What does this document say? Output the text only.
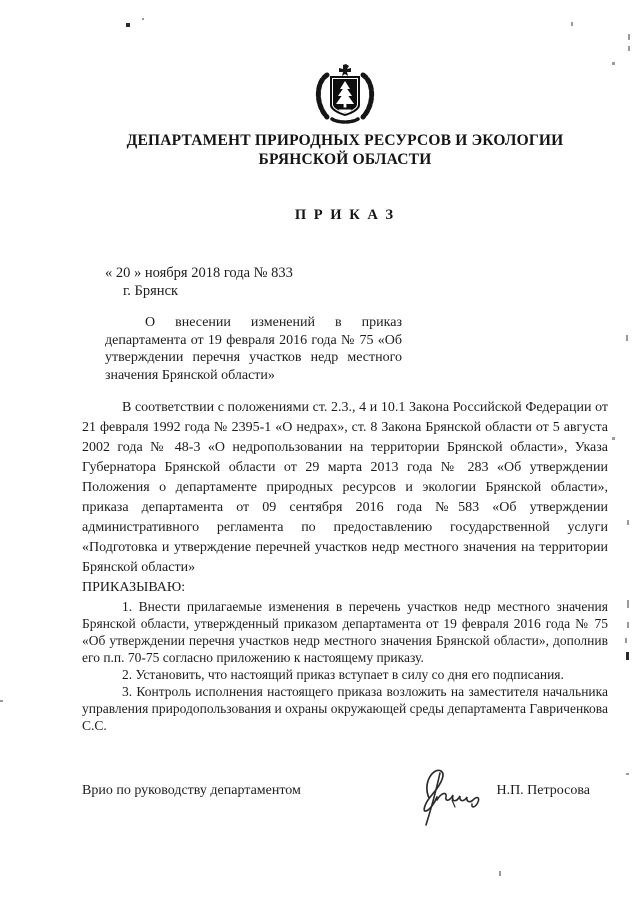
ДЕПАРТАМЕНТ ПРИРОДНЫХ РЕСУРСОВ И ЭКОЛОГИИ
БРЯНСКОЙ ОБЛАСТИ
П Р И К А З
« 20 » ноября 2018 года № 833
г. Брянск
О внесении изменений в приказ департамента от 19 февраля 2016 года № 75 «Об утверждении перечня участков недр местного значения Брянской области»
В соответствии с положениями ст. 2.3., 4 и 10.1 Закона Российской Федерации от 21 февраля 1992 года № 2395-1 «О недрах», ст. 8 Закона Брянской области от 5 августа 2002 года № 48-3 «О недропользовании на территории Брянской области», Указа Губернатора Брянской области от 29 марта 2013 года № 283 «Об утверждении Положения о департаменте природных ресурсов и экологии Брянской области», приказа департамента от 09 сентября 2016 года №583 «Об утверждении административного регламента по предоставлению государственной услуги «Подготовка и утверждение перечней участков недр местного значения на территории Брянской области»
ПРИКАЗЫВАЮ:

1. Внести прилагаемые изменения в перечень участков недр местного значения Брянской области, утвержденный приказом департамента от 19 февраля 2016 года № 75 «Об утверждении перечня участков недр местного значения Брянской области», дополнив его п.п. 70-75 согласно приложению к настоящему приказу.

2. Установить, что настоящий приказ вступает в силу со дня его подписания.

3. Контроль исполнения настоящего приказа возложить на заместителя начальника управления природопользования и охраны окружающей среды департамента Гавриченкова С.С.

Врио по руководству департаментом	Н.П. Петросова
